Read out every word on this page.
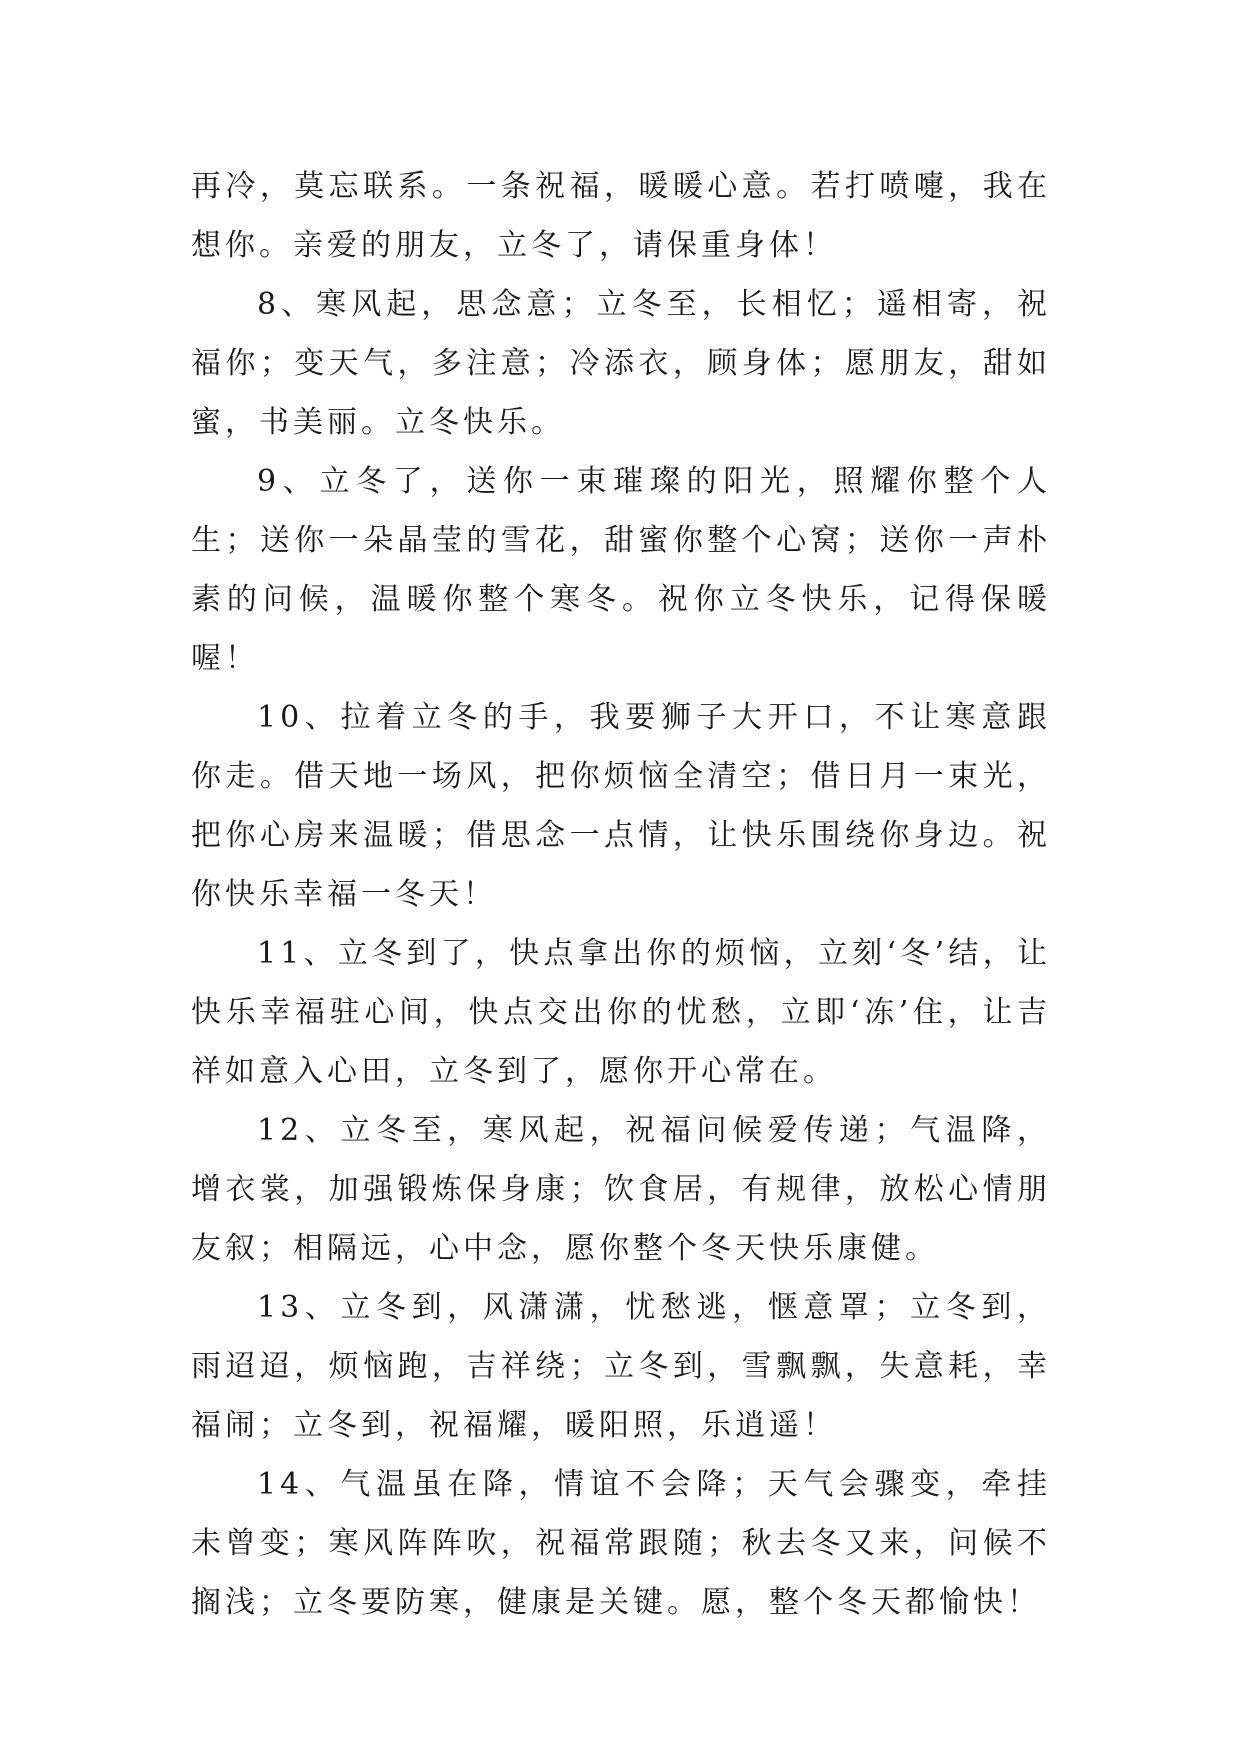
再冷，莫忘联系。一条祝福，暖暖心意。若打喷嚏，我在想你。亲爱的朋友，立冬了，请保重身体！

8、寒风起，思念意；立冬至，长相忆；遥相寄，祝福你；变天气，多注意；冷添衣，顾身体；愿朋友，甜如蜜，书美丽。立冬快乐。

9、立冬了，送你一束璀璨的阳光，照耀你整个人生；送你一朵晶莹的雪花，甜蜜你整个心窝；送你一声朴素的问候，温暖你整个寒冬。祝你立冬快乐，记得保暖喔！

10、拉着立冬的手，我要狮子大开口，不让寒意跟你走。借天地一场风，把你烦恼全清空；借日月一束光，把你心房来温暖；借思念一点情，让快乐围绕你身边。祝你快乐幸福一冬天！

11、立冬到了，快点拿出你的烦恼，立刻‘冬’结，让快乐幸福驻心间，快点交出你的忧愁，立即‘冻’住，让吉祥如意入心田，立冬到了，愿你开心常在。

12、立冬至，寒风起，祝福问候爱传递；气温降，增衣裳，加强锻炼保身康；饮食居，有规律，放松心情朋友叙；相隔远，心中念，愿你整个冬天快乐康健。

13、立冬到，风潇潇，忧愁逃，惬意罩；立冬到，雨迢迢，烦恼跑，吉祥绕；立冬到，雪飘飘，失意耗，幸福闹；立冬到，祝福耀，暖阳照，乐逍遥！

14、气温虽在降，情谊不会降；天气会骤变，牵挂未曾变；寒风阵阵吹，祝福常跟随；秋去冬又来，问候不搁浅；立冬要防寒，健康是关键。愿，整个冬天都愉快！
